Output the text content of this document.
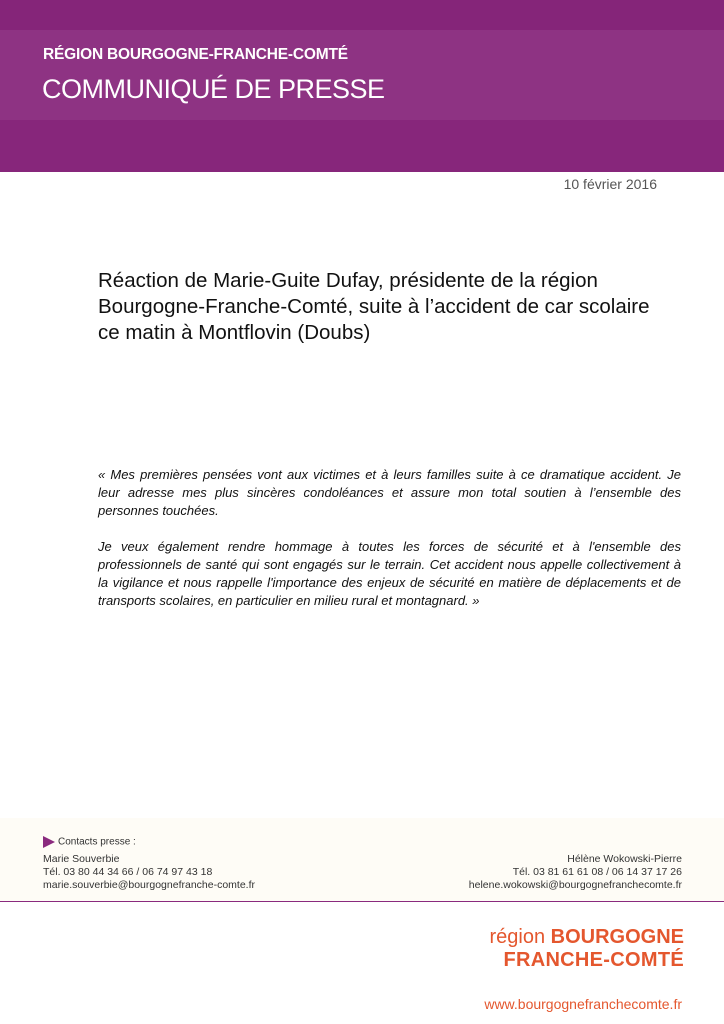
RÉGION BOURGOGNE-FRANCHE-COMTÉ
COMMUNIQUÉ DE PRESSE
10 février 2016
Réaction de Marie-Guite Dufay, présidente de la région Bourgogne-Franche-Comté, suite à l’accident de car scolaire ce matin à Montflovin (Doubs)

« Mes premières pensées vont aux victimes et à leurs familles suite à ce dramatique accident. Je leur adresse mes plus sincères condoléances et assure mon total soutien à l’ensemble des personnes touchées.

Je veux également rendre hommage à toutes les forces de sécurité et à l'ensemble des professionnels de santé qui sont engagés sur le terrain. Cet accident nous appelle collectivement à la vigilance et nous rappelle l'importance des enjeux de sécurité en matière de déplacements et de transports scolaires, en particulier en milieu rural et montagnard. »

Contacts presse :
Marie Souverbie
Tél. 03 80 44 34 66 / 06 74 97 43 18
marie.souverbie@bourgognefranche-comte.fr
Hélène Wokowski-Pierre
Tél. 03 81 61 61 08 / 06 14 37 17 26
helene.wokowski@bourgognefranchecomte.fr
région BOURGOGNE
FRANCHE-COMTÉ
www.bourgognefranchecomte.fr
